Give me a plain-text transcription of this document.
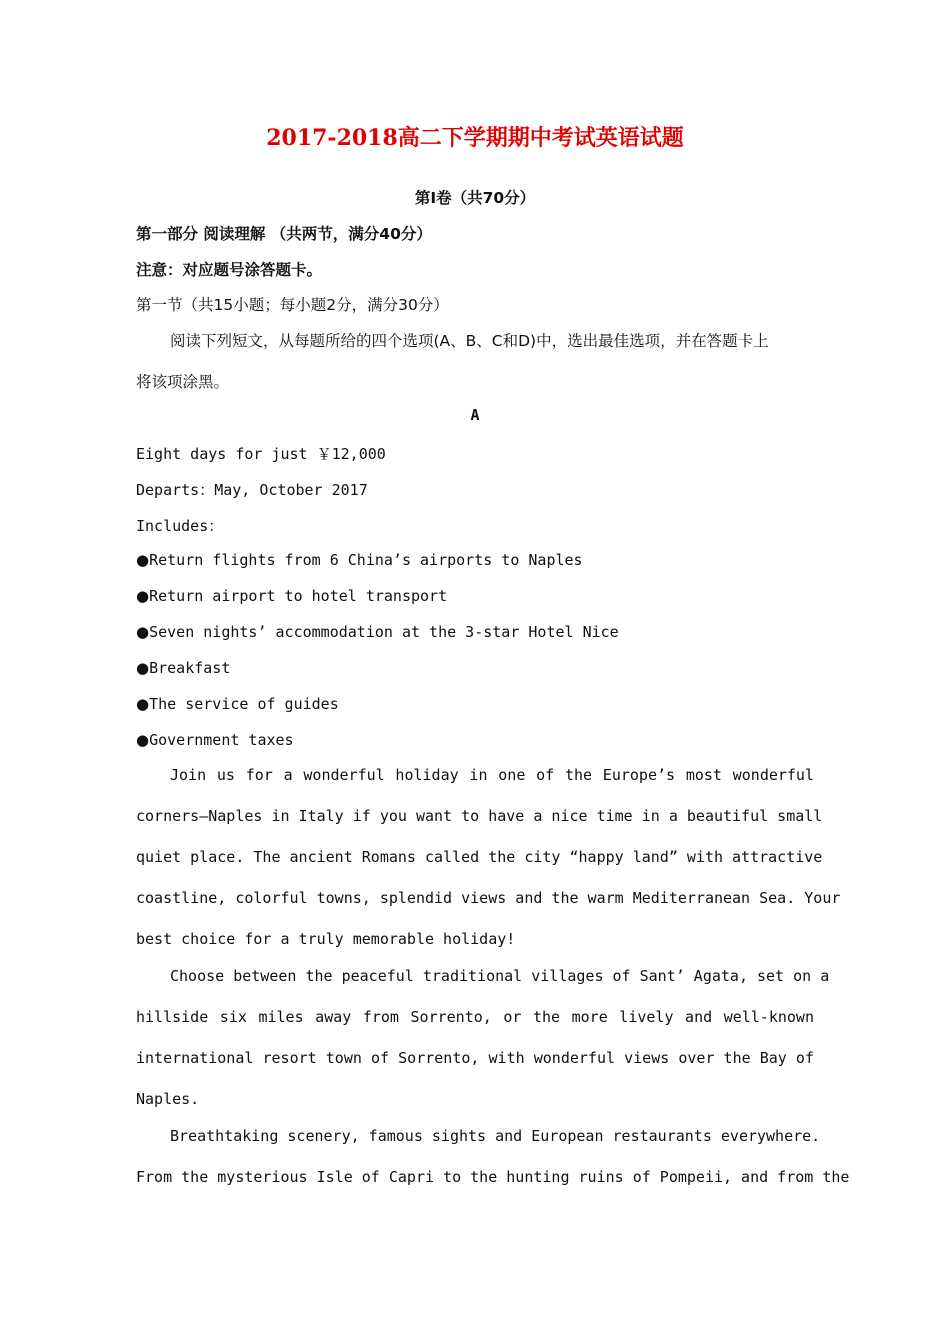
2017-2018高二下学期期中考试英语试题
第Ⅰ卷（共70分）
第一部分 阅读理解 （共两节，满分40分）
注意：对应题号涂答题卡。
第一节（共15小题；每小题2分，满分30分）
阅读下列短文，从每题所给的四个选项(A、B、C和D)中，选出最佳选项，并在答题卡上
将该项涂黑。
A
Eight days for just ￥12,000
Departs：May, October 2017
Includes：
●Return flights from 6 China’s airports to Naples
●Return airport to hotel transport
●Seven nights’ accommodation at the 3-star Hotel Nice
●Breakfast
●The service of guides
●Government taxes
Join us for a wonderful holiday in one of the Europe’s most wonderful
corners—Naples in Italy if you want to have a nice time in a beautiful small
quiet place. The ancient Romans called the city “happy land” with attractive
coastline, colorful towns, splendid views and the warm Mediterranean Sea. Your
best choice for a truly memorable holiday!
Choose between the peaceful traditional villages of Sant’ Agata, set on a
hillside six miles away from Sorrento, or the more lively and well-known
international resort town of Sorrento, with wonderful views over the Bay of
Naples.
Breathtaking scenery, famous sights and European restaurants everywhere.
From the mysterious Isle of Capri to the hunting ruins of Pompeii, and from the
